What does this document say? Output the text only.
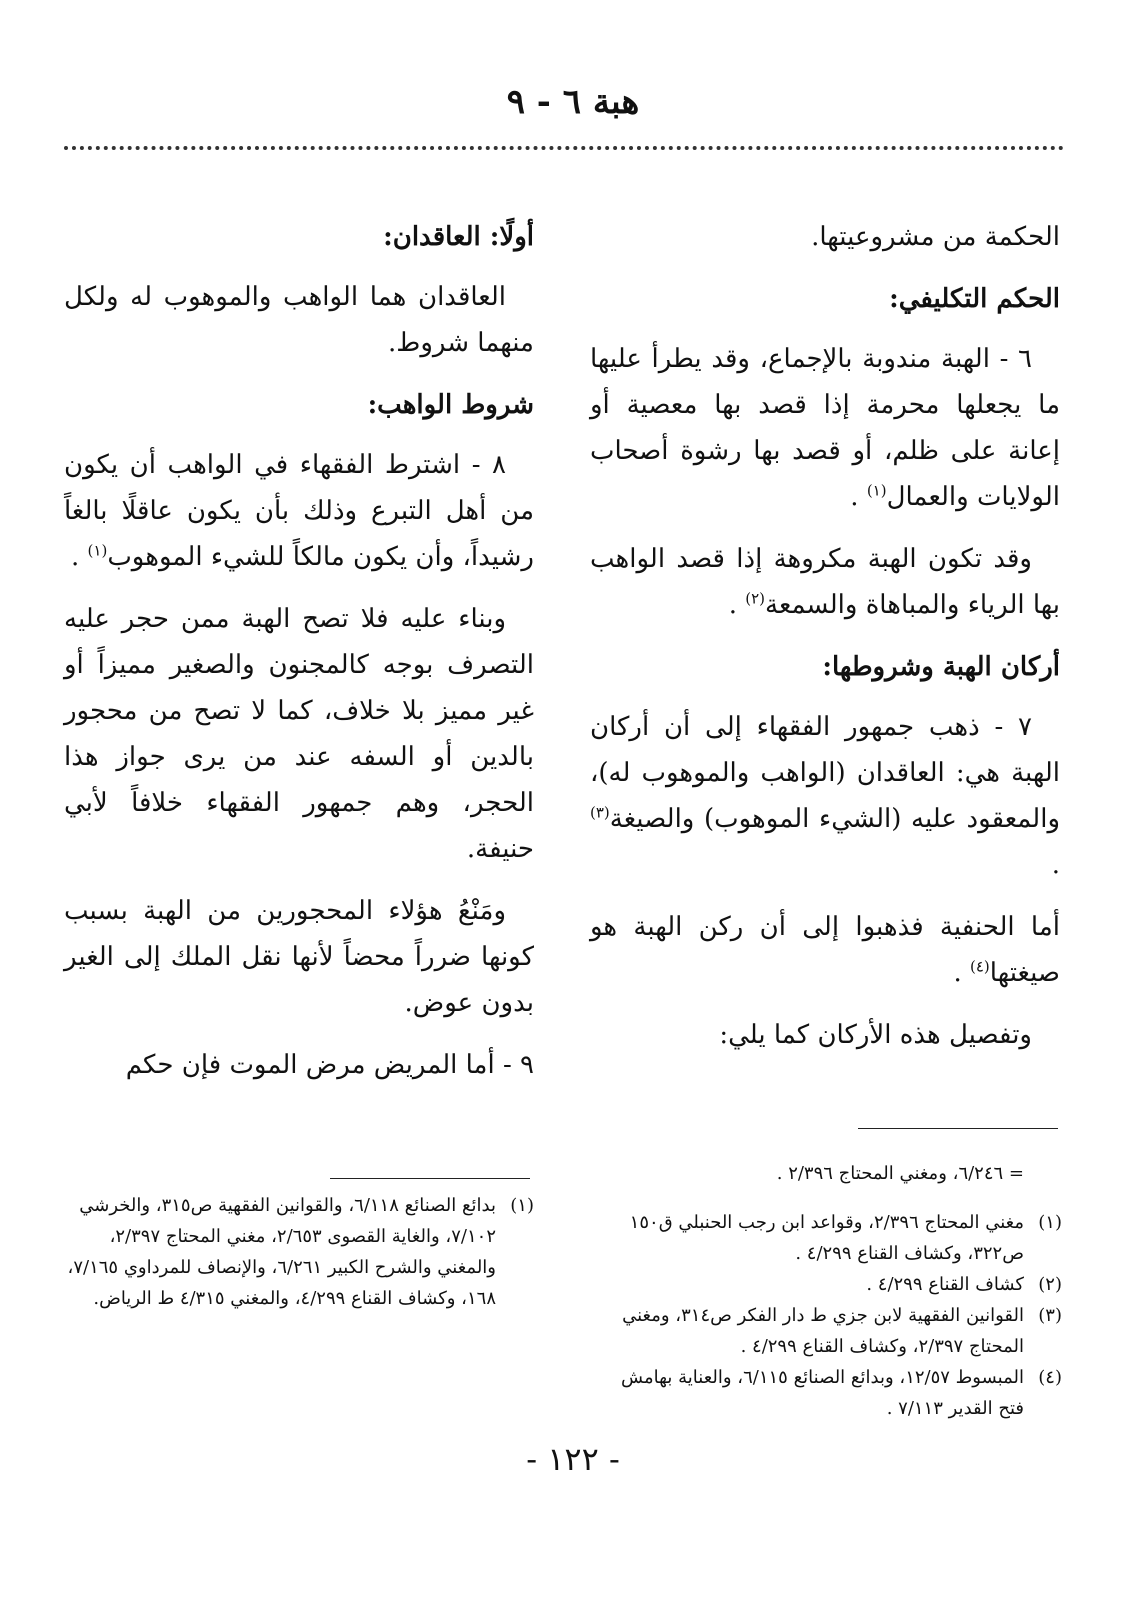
هبة ٦ - ٩

الحكمة من مشروعيتها.

الحكم التكليفي:

٦ - الهبة مندوبة بالإجماع، وقد يطرأ عليها ما يجعلها محرمة إذا قصد بها معصية أو إعانة على ظلم، أو قصد بها رشوة أصحاب الولايات والعمال$^{(١)}$ .

وقد تكون الهبة مكروهة إذا قصد الواهب بها الرياء والمباهاة والسمعة$^{(٢)}$ .

أركان الهبة وشروطها:

٧ - ذهب جمهور الفقهاء إلى أن أركان الهبة هي: العاقدان (الواهب والموهوب له)، والمعقود عليه (الشيء الموهوب) والصيغة$^{(٣)}$ .

أما الحنفية فذهبوا إلى أن ركن الهبة هو صيغتها$^{(٤)}$ .

وتفصيل هذه الأركان كما يلي:

أولًا: العاقدان:

العاقدان هما الواهب والموهوب له ولكل منهما شروط.

شروط الواهب:

٨ - اشترط الفقهاء في الواهب أن يكون من أهل التبرع وذلك بأن يكون عاقلًا بالغاً رشيداً، وأن يكون مالكاً للشيء الموهوب$^{(١)}$ .

وبناء عليه فلا تصح الهبة ممن حجر عليه التصرف بوجه كالمجنون والصغير مميزاً أو غير مميز بلا خلاف، كما لا تصح من محجور بالدين أو السفه عند من يرى جواز هذا الحجر، وهم جمهور الفقهاء خلافاً لأبي حنيفة.

ومَنْعُ هؤلاء المحجورين من الهبة بسبب كونها ضرراً محضاً لأنها نقل الملك إلى الغير بدون عوض.

٩ - أما المريض مرض الموت فإن حكم

= ٦/٢٤٦، ومغني المحتاج ٢/٣٩٦ .

(١)
مغني المحتاج ٢/٣٩٦، وقواعد ابن رجب الحنبلي ق١٥٠ ص٣٢٢، وكشاف القناع ٤/٢٩٩ .
(٢)
كشاف القناع ٤/٢٩٩ .
(٣)
القوانين الفقهية لابن جزي ط دار الفكر ص٣١٤، ومغني المحتاج ٢/٣٩٧، وكشاف القناع ٤/٢٩٩ .
(٤)
المبسوط ١٢/٥٧، وبدائع الصنائع ٦/١١٥، والعناية بهامش فتح القدير ٧/١١٣ .
(١)
بدائع الصنائع ٦/١١٨، والقوانين الفقهية ص٣١٥، والخرشي ٧/١٠٢، والغاية القصوى ٢/٦٥٣، مغني المحتاج ٢/٣٩٧، والمغني والشرح الكبير ٦/٢٦١، والإنصاف للمرداوي ٧/١٦٥، ١٦٨، وكشاف القناع ٤/٢٩٩، والمغني ٤/٣١٥ ط الرياض.
- ١٢٢ -
